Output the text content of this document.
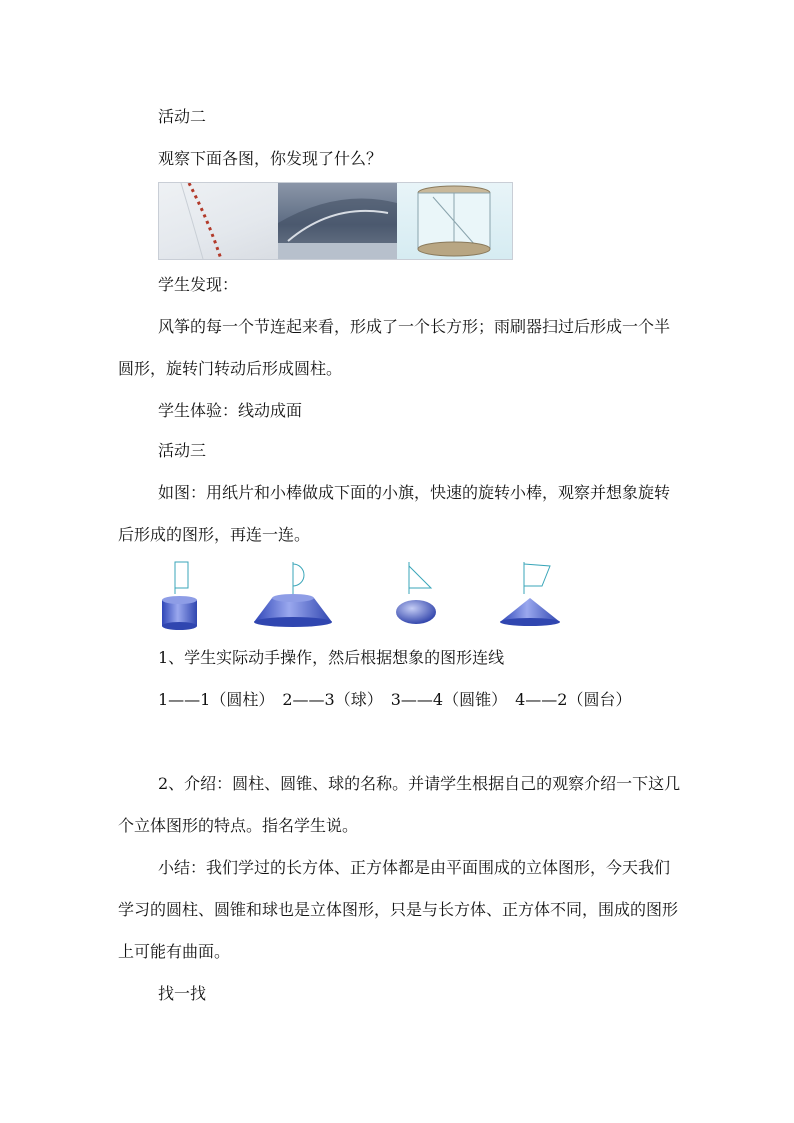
活动二

观察下面各图，你发现了什么？

学生发现：

风筝的每一个节连起来看，形成了一个长方形；雨刷器扫过后形成一个半圆形，旋转门转动后形成圆柱。

学生体验：线动成面

活动三

如图：用纸片和小棒做成下面的小旗，快速的旋转小棒，观察并想象旋转后形成的图形，再连一连。

1、学生实际动手操作，然后根据想象的图形连线

1——1（圆柱）　2——3（球）　3——4（圆锥）　4——2（圆台）

2、介绍：圆柱、圆锥、球的名称。并请学生根据自己的观察介绍一下这几个立体图形的特点。指名学生说。

小结：我们学过的长方体、正方体都是由平面围成的立体图形，今天我们学习的圆柱、圆锥和球也是立体图形，只是与长方体、正方体不同，围成的图形上可能有曲面。

找一找
